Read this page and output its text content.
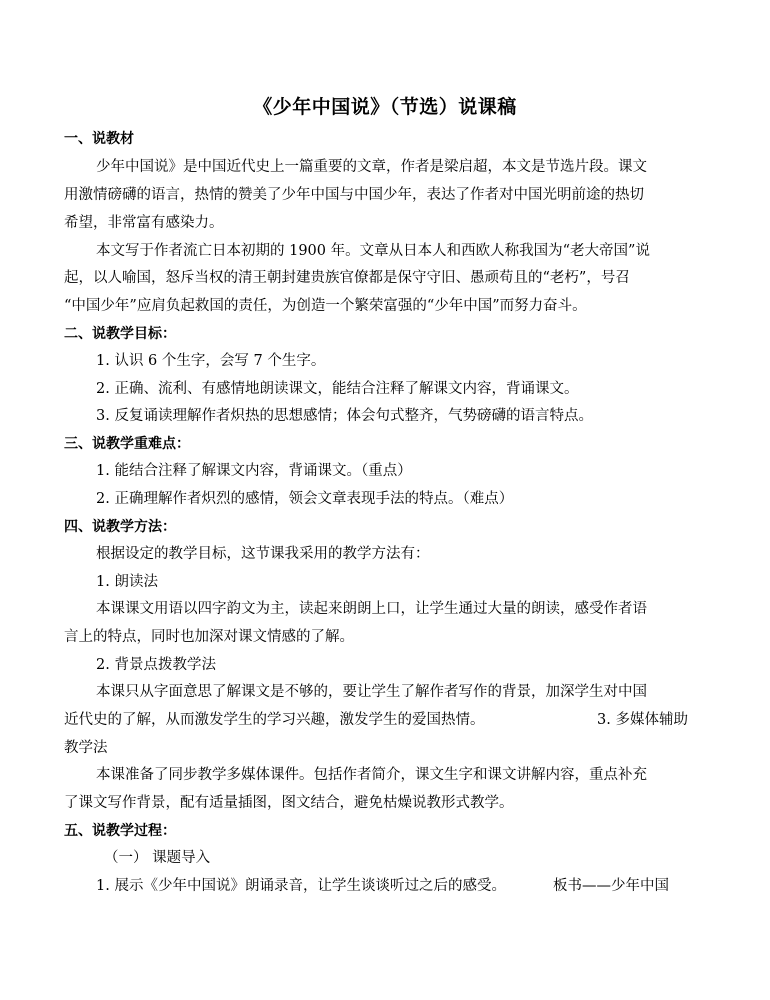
《少年中国说》（节选）说课稿
一、说教材
少年中国说》是中国近代史上一篇重要的文章，作者是梁启超，本文是节选片段。课文
用激情磅礴的语言，热情的赞美了少年中国与中国少年，表达了作者对中国光明前途的热切
希望，非常富有感染力。
本文写于作者流亡日本初期的 1900 年。文章从日本人和西欧人称我国为“老大帝国”说
起，以人喻国，怒斥当权的清王朝封建贵族官僚都是保守守旧、愚顽苟且的“老朽”，号召
“中国少年”应肩负起救国的责任，为创造一个繁荣富强的“少年中国”而努力奋斗。
二、说教学目标：
1. 认识 6 个生字，会写 7 个生字。
2. 正确、流利、有感情地朗读课文，能结合注释了解课文内容，背诵课文。
3. 反复诵读理解作者炽热的思想感情；体会句式整齐，气势磅礴的语言特点。
三、说教学重难点：
1. 能结合注释了解课文内容，背诵课文。（重点）
2. 正确理解作者炽烈的感情，领会文章表现手法的特点。（难点）
四、说教学方法：
根据设定的教学目标，这节课我采用的教学方法有：
1. 朗读法
本课课文用语以四字韵文为主，读起来朗朗上口，让学生通过大量的朗读，感受作者语
言上的特点，同时也加深对课文情感的了解。
2. 背景点拨教学法
本课只从字面意思了解课文是不够的，要让学生了解作者写作的背景，加深学生对中国
近代史的了解，从而激发学生的学习兴趣，激发学生的爱国热情。	3. 多媒体辅助
教学法
本课准备了同步教学多媒体课件。包括作者简介，课文生字和课文讲解内容，重点补充
了课文写作背景，配有适量插图，图文结合，避免枯燥说教形式教学。
五、说教学过程：
（一） 课题导入
1. 展示《少年中国说》朗诵录音，让学生谈谈听过之后的感受。	板书——少年中国
